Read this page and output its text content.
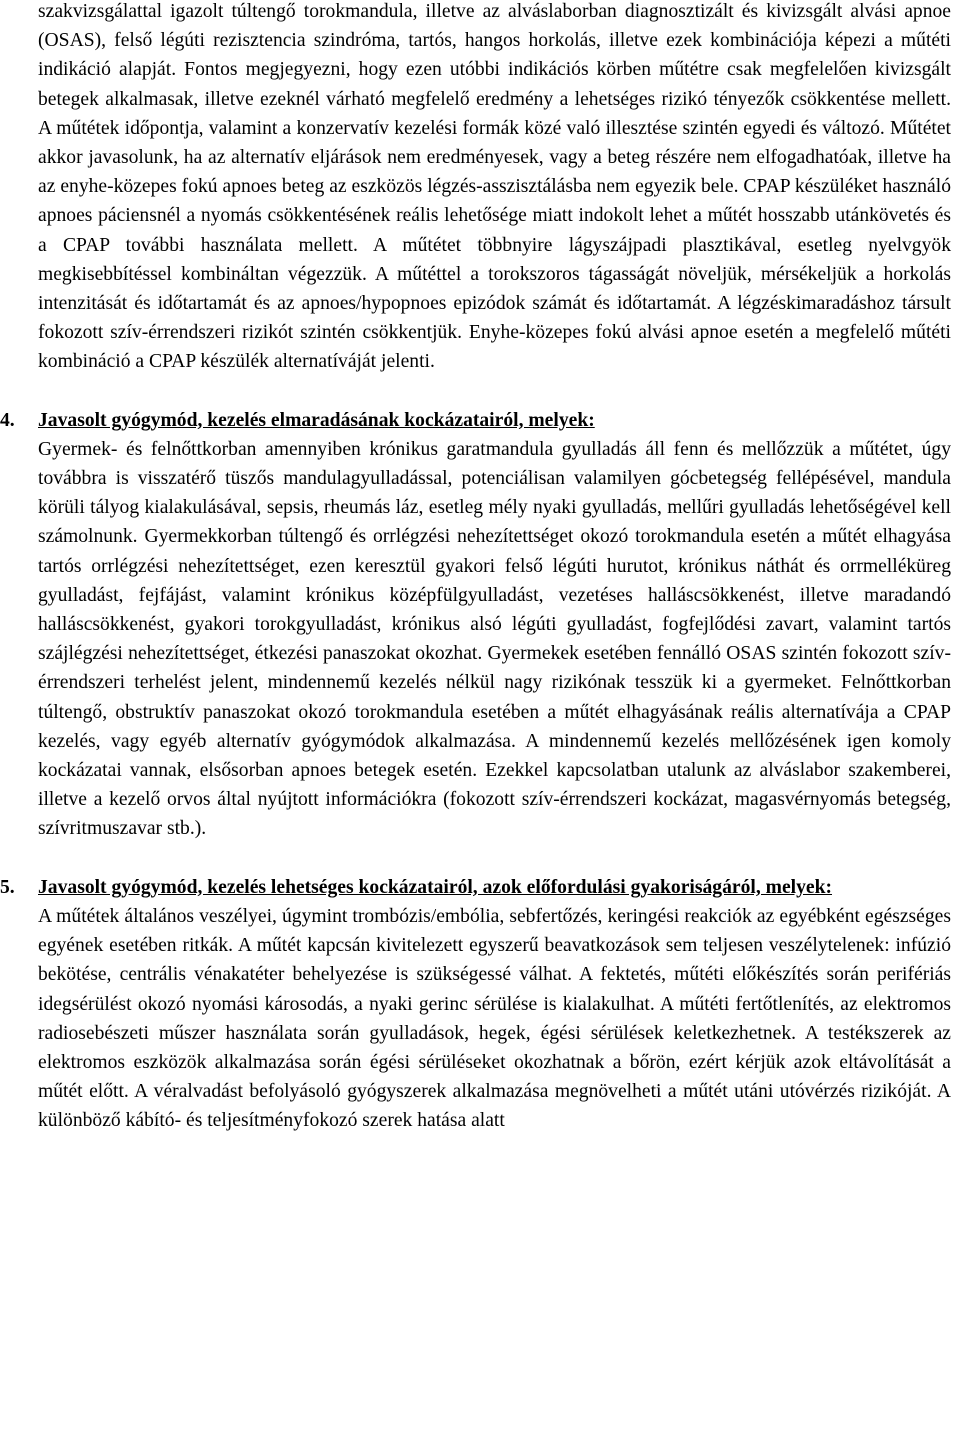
szakvizsgálattal igazolt túltengő torokmandula, illetve az alváslaborban diagnosztizált és kivizsgált alvási apnoe (OSAS), felső légúti rezisztencia szindróma, tartós, hangos horkolás, illetve ezek kombinációja képezi a műtéti indikáció alapját. Fontos megjegyezni, hogy ezen utóbbi indikációs körben műtétre csak megfelelően kivizsgált betegek alkalmasak, illetve ezeknél várható megfelelő eredmény a lehetséges rizikó tényezők csökkentése mellett. A műtétek időpontja, valamint a konzervatív kezelési formák közé való illesztése szintén egyedi és változó. Műtétet akkor javasolunk, ha az alternatív eljárások nem eredményesek, vagy a beteg részére nem elfogadhatóak, illetve ha az enyhe-közepes fokú apnoes beteg az eszközös légzés-asszisztálásba nem egyezik bele. CPAP készüléket használó apnoes páciensnél a nyomás csökkentésének reális lehetősége miatt indokolt lehet a műtét hosszabb utánkövetés és a CPAP további használata mellett. A műtétet többnyire lágyszájpadi plasztikával, esetleg nyelvgyök megkisebbítéssel kombináltan végezzük. A műtéttel a torokszoros tágasságát növeljük, mérsékeljük a horkolás intenzitását és időtartamát és az apnoes/hypopnoes epizódok számát és időtartamát. A légzéskimaradáshoz társult fokozott szív-érrendszeri rizikót szintén csökkentjük. Enyhe-közepes fokú alvási apnoe esetén a megfelelő műtéti kombináció a CPAP készülék alternatíváját jelenti.

4.	Javasolt gyógymód, kezelés elmaradásának kockázatairól, melyek:

Gyermek- és felnőttkorban amennyiben krónikus garatmandula gyulladás áll fenn és mellőzzük a műtétet, úgy továbbra is visszatérő tüszős mandulagyulladással, potenciálisan valamilyen gócbetegség fellépésével, mandula körüli tályog kialakulásával, sepsis, rheumás láz, esetleg mély nyaki gyulladás, mellűri gyulladás lehetőségével kell számolnunk. Gyermekkorban túltengő és orrlégzési nehezítettséget okozó torokmandula esetén a műtét elhagyása tartós orrlégzési nehezítettséget, ezen keresztül gyakori felső légúti hurutot, krónikus náthát és orrmelléküreg gyulladást, fejfájást, valamint krónikus középfülgyulladást, vezetéses halláscsökkenést, illetve maradandó halláscsökkenést, gyakori torokgyulladást, krónikus alsó légúti gyulladást, fogfejlődési zavart, valamint tartós szájlégzési nehezítettséget, étkezési panaszokat okozhat. Gyermekek esetében fennálló OSAS szintén fokozott szív-érrendszeri terhelést jelent, mindennemű kezelés nélkül nagy rizikónak tesszük ki a gyermeket. Felnőttkorban túltengő, obstruktív panaszokat okozó torokmandula esetében a műtét elhagyásának reális alternatívája a CPAP kezelés, vagy egyéb alternatív gyógymódok alkalmazása. A mindennemű kezelés mellőzésének igen komoly kockázatai vannak, elsősorban apnoes betegek esetén. Ezekkel kapcsolatban utalunk az alváslabor szakemberei, illetve a kezelő orvos által nyújtott információkra (fokozott szív-érrendszeri kockázat, magasvérnyomás betegség, szívritmuszavar stb.).

5.	Javasolt gyógymód, kezelés lehetséges kockázatairól, azok előfordulási gyakoriságáról, melyek:

A műtétek általános veszélyei, úgymint trombózis/embólia, sebfertőzés, keringési reakciók az egyébként egészséges egyének esetében ritkák. A műtét kapcsán kivitelezett egyszerű beavatkozások sem teljesen veszélytelenek: infúzió bekötése, centrális vénakatéter behelyezése is szükségessé válhat. A fektetés, műtéti előkészítés során perifériás idegsérülést okozó nyomási károsodás, a nyaki gerinc sérülése is kialakulhat. A műtéti fertőtlenítés, az elektromos radiosebészeti műszer használata során gyulladások, hegek, égési sérülések keletkezhetnek. A testékszerek az elektromos eszközök alkalmazása során égési sérüléseket okozhatnak a bőrön, ezért kérjük azok eltávolítását a műtét előtt. A véralvadást befolyásoló gyógyszerek alkalmazása megnövelheti a műtét utáni utóvérzés rizikóját. A különböző kábító- és teljesítményfokozó szerek hatása alatt
